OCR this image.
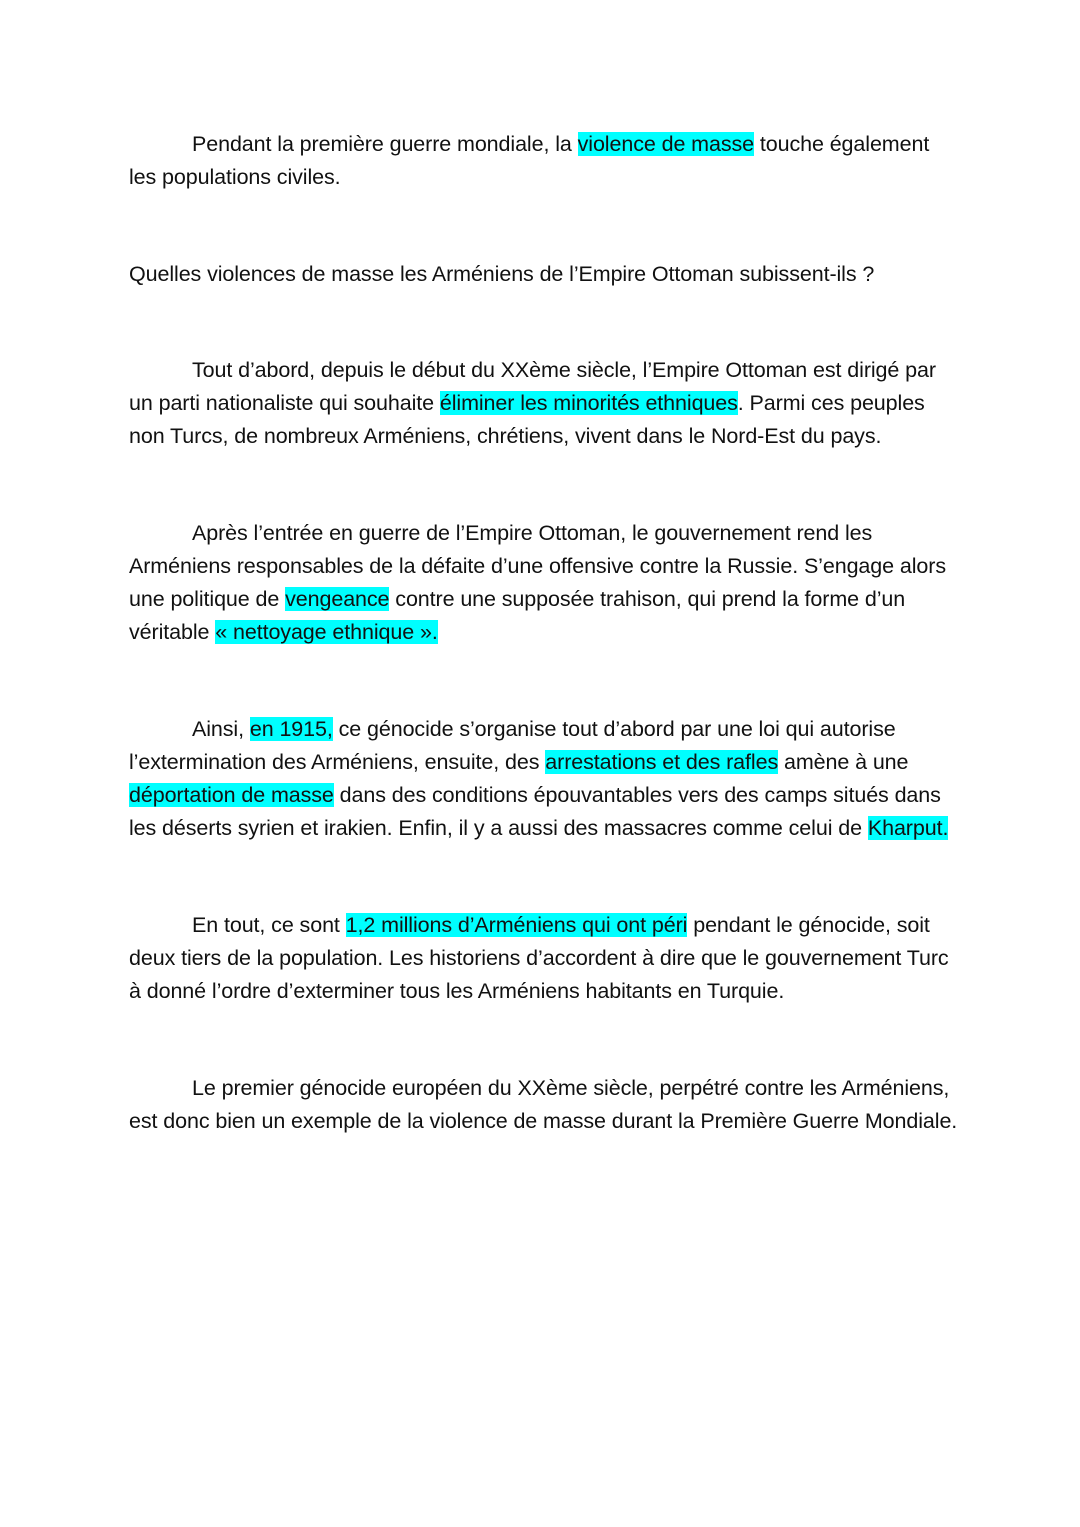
Pendant la première guerre mondiale, la violence de masse touche également les populations civiles.

Quelles violences de masse les Arméniens de l’Empire Ottoman subissent-ils ?

Tout d’abord, depuis le début du XXème siècle, l’Empire Ottoman est dirigé par un parti nationaliste qui souhaite éliminer les minorités ethniques. Parmi ces peuples non Turcs, de nombreux Arméniens, chrétiens, vivent dans le Nord-Est du pays.

Après l’entrée en guerre de l’Empire Ottoman, le gouvernement rend les Arméniens responsables de la défaite d’une offensive contre la Russie. S’engage alors une politique de vengeance contre une supposée trahison, qui prend la forme d’un véritable « nettoyage ethnique ».

Ainsi, en 1915, ce génocide s’organise tout d’abord par une loi qui autorise l’extermination des Arméniens, ensuite, des arrestations et des rafles amène à une déportation de masse dans des conditions épouvantables vers des camps situés dans les déserts syrien et irakien. Enfin, il y a aussi des massacres comme celui de Kharput.

En tout, ce sont 1,2 millions d’Arméniens qui ont péri pendant le génocide, soit deux tiers de la population. Les historiens d’accordent à dire que le gouvernement Turc à donné l’ordre d’exterminer tous les Arméniens habitants en Turquie.

Le premier génocide européen du XXème siècle, perpétré contre les Arméniens, est donc bien un exemple de la violence de masse durant la Première Guerre Mondiale.
